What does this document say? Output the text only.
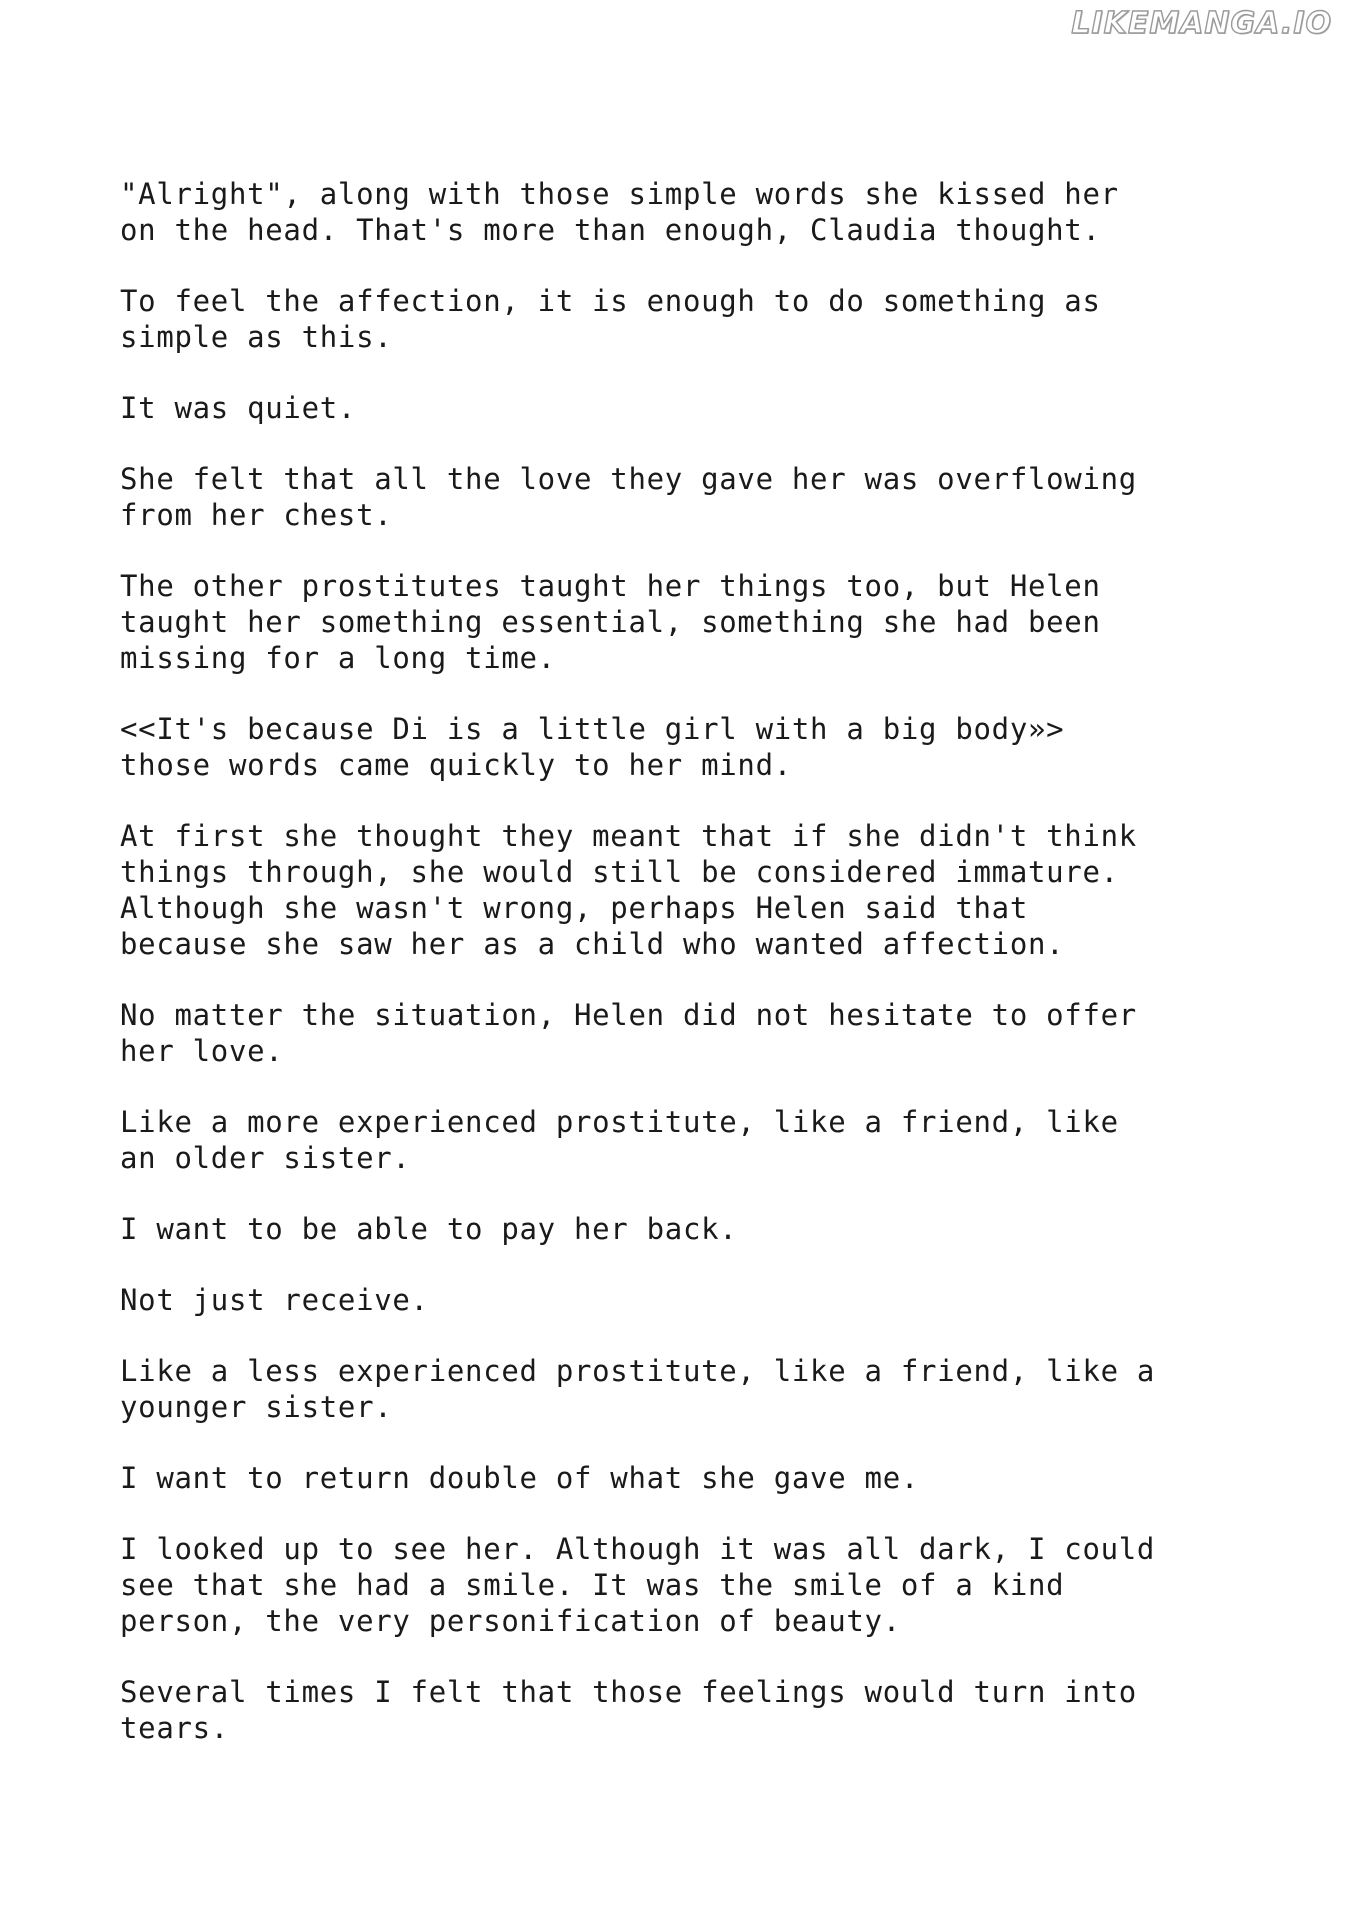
LIKEMANGA.IO

"Alright", along with those simple words she kissed her
on the head. That's more than enough, Claudia thought.

To feel the affection, it is enough to do something as
simple as this.

It was quiet.

She felt that all the love they gave her was overflowing
from her chest.

The other prostitutes taught her things too, but Helen
taught her something essential, something she had been
missing for a long time.

<<It's because Di is a little girl with a big body»>
those words came quickly to her mind.

At first she thought they meant that if she didn't think
things through, she would still be considered immature.
Although she wasn't wrong, perhaps Helen said that
because she saw her as a child who wanted affection.

No matter the situation, Helen did not hesitate to offer
her love.

Like a more experienced prostitute, like a friend, like
an older sister.

I want to be able to pay her back.

Not just receive.

Like a less experienced prostitute, like a friend, like a
younger sister.

I want to return double of what she gave me.

I looked up to see her. Although it was all dark, I could
see that she had a smile. It was the smile of a kind
person, the very personification of beauty.

Several times I felt that those feelings would turn into
tears.
